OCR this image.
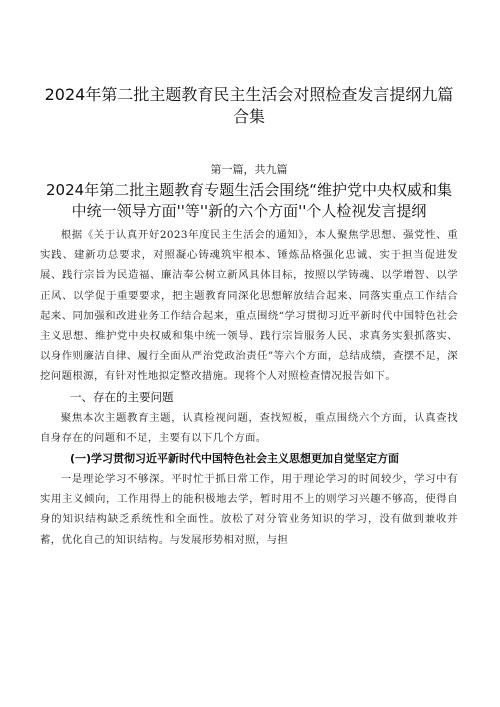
2024年第二批主题教育民主生活会对照检查发言提纲九篇合集

第一篇，共九篇

2024年第二批主题教育专题生活会围绕“维护党中央权威和集中统一领导方面''等''新的六个方面''个人检视发言提纲

根据《关于认真开好2023年度民主生活会的通知》，本人聚焦学思想、强党性、重实践、建新功总要求，对照凝心铸魂筑牢根本、锤炼品格强化忠诚、实于担当促进发展、践行宗旨为民造福、廉洁奉公树立新风具体目标，按照以学铸魂、以学增智、以学正风、以学促于重要要求，把主题教育同深化思想解放结合起来、同落实重点工作结合起来、同加强和改进业务工作结合起来，重点围绕“学习贯彻习近平新时代中国特色社会主义思想、维护党中央权威和集中统一领导、践行宗旨服务人民、求真务实狠抓落实、以身作则廉洁自律、履行全面从严治党政治责任”等六个方面，总结成绩，查摆不足，深挖问题根源，有针对性地拟定整改措施。现将个人对照检查情况报告如下。

一、存在的主要问题

聚焦本次主题教育主题，认真检视问题，查找短板，重点围绕六个方面，认真查找自身存在的问题和不足，主要有以下几个方面。

(一)学习贯彻习近平新时代中国特色社会主义思想更加自觉坚定方面

一是理论学习不够深。平时忙于抓日常工作，用于理论学习的时间较少，学习中有实用主义倾向，工作用得上的能积极地去学，暂时用不上的则学习兴趣不够高，使得自身的知识结构缺乏系统性和全面性。放松了对分管业务知识的学习，没有做到兼收并蓄，优化自己的知识结构。与发展形势相对照，与担
